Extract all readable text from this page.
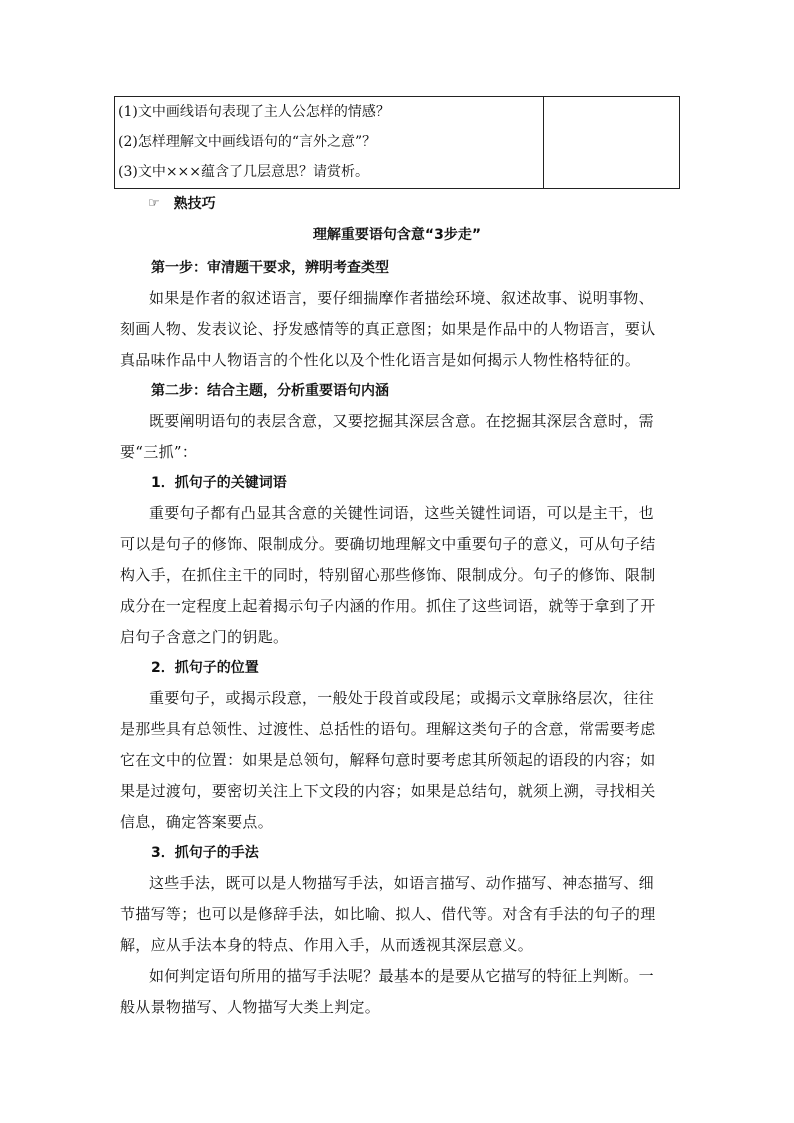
(1)文中画线语句表现了主人公怎样的情感？
(2)怎样理解文中画线语句的“言外之意”？
(3)文中×××蕴含了几层意思？请赏析。
☞ 熟技巧
理解重要语句含意“3步走”
第一步：审清题干要求，辨明考查类型

如果是作者的叙述语言，要仔细揣摩作者描绘环境、叙述故事、说明事物、
刻画人物、发表议论、抒发感情等的真正意图；如果是作品中的人物语言，要认
真品味作品中人物语言的个性化以及个性化语言是如何揭示人物性格特征的。

第二步：结合主题，分析重要语句内涵

既要阐明语句的表层含意，又要挖掘其深层含意。在挖掘其深层含意时，需
要“三抓”：

1．抓句子的关键词语

重要句子都有凸显其含意的关键性词语，这些关键性词语，可以是主干，也
可以是句子的修饰、限制成分。要确切地理解文中重要句子的意义，可从句子结
构入手，在抓住主干的同时，特别留心那些修饰、限制成分。句子的修饰、限制
成分在一定程度上起着揭示句子内涵的作用。抓住了这些词语，就等于拿到了开
启句子含意之门的钥匙。

2．抓句子的位置

重要句子，或揭示段意，一般处于段首或段尾；或揭示文章脉络层次，往往
是那些具有总领性、过渡性、总括性的语句。理解这类句子的含意，常需要考虑
它在文中的位置：如果是总领句，解释句意时要考虑其所领起的语段的内容；如
果是过渡句，要密切关注上下文段的内容；如果是总结句，就须上溯，寻找相关
信息，确定答案要点。

3．抓句子的手法

这些手法，既可以是人物描写手法，如语言描写、动作描写、神态描写、细
节描写等；也可以是修辞手法，如比喻、拟人、借代等。对含有手法的句子的理
解，应从手法本身的特点、作用入手，从而透视其深层意义。

如何判定语句所用的描写手法呢？最基本的是要从它描写的特征上判断。一
般从景物描写、人物描写大类上判定。
